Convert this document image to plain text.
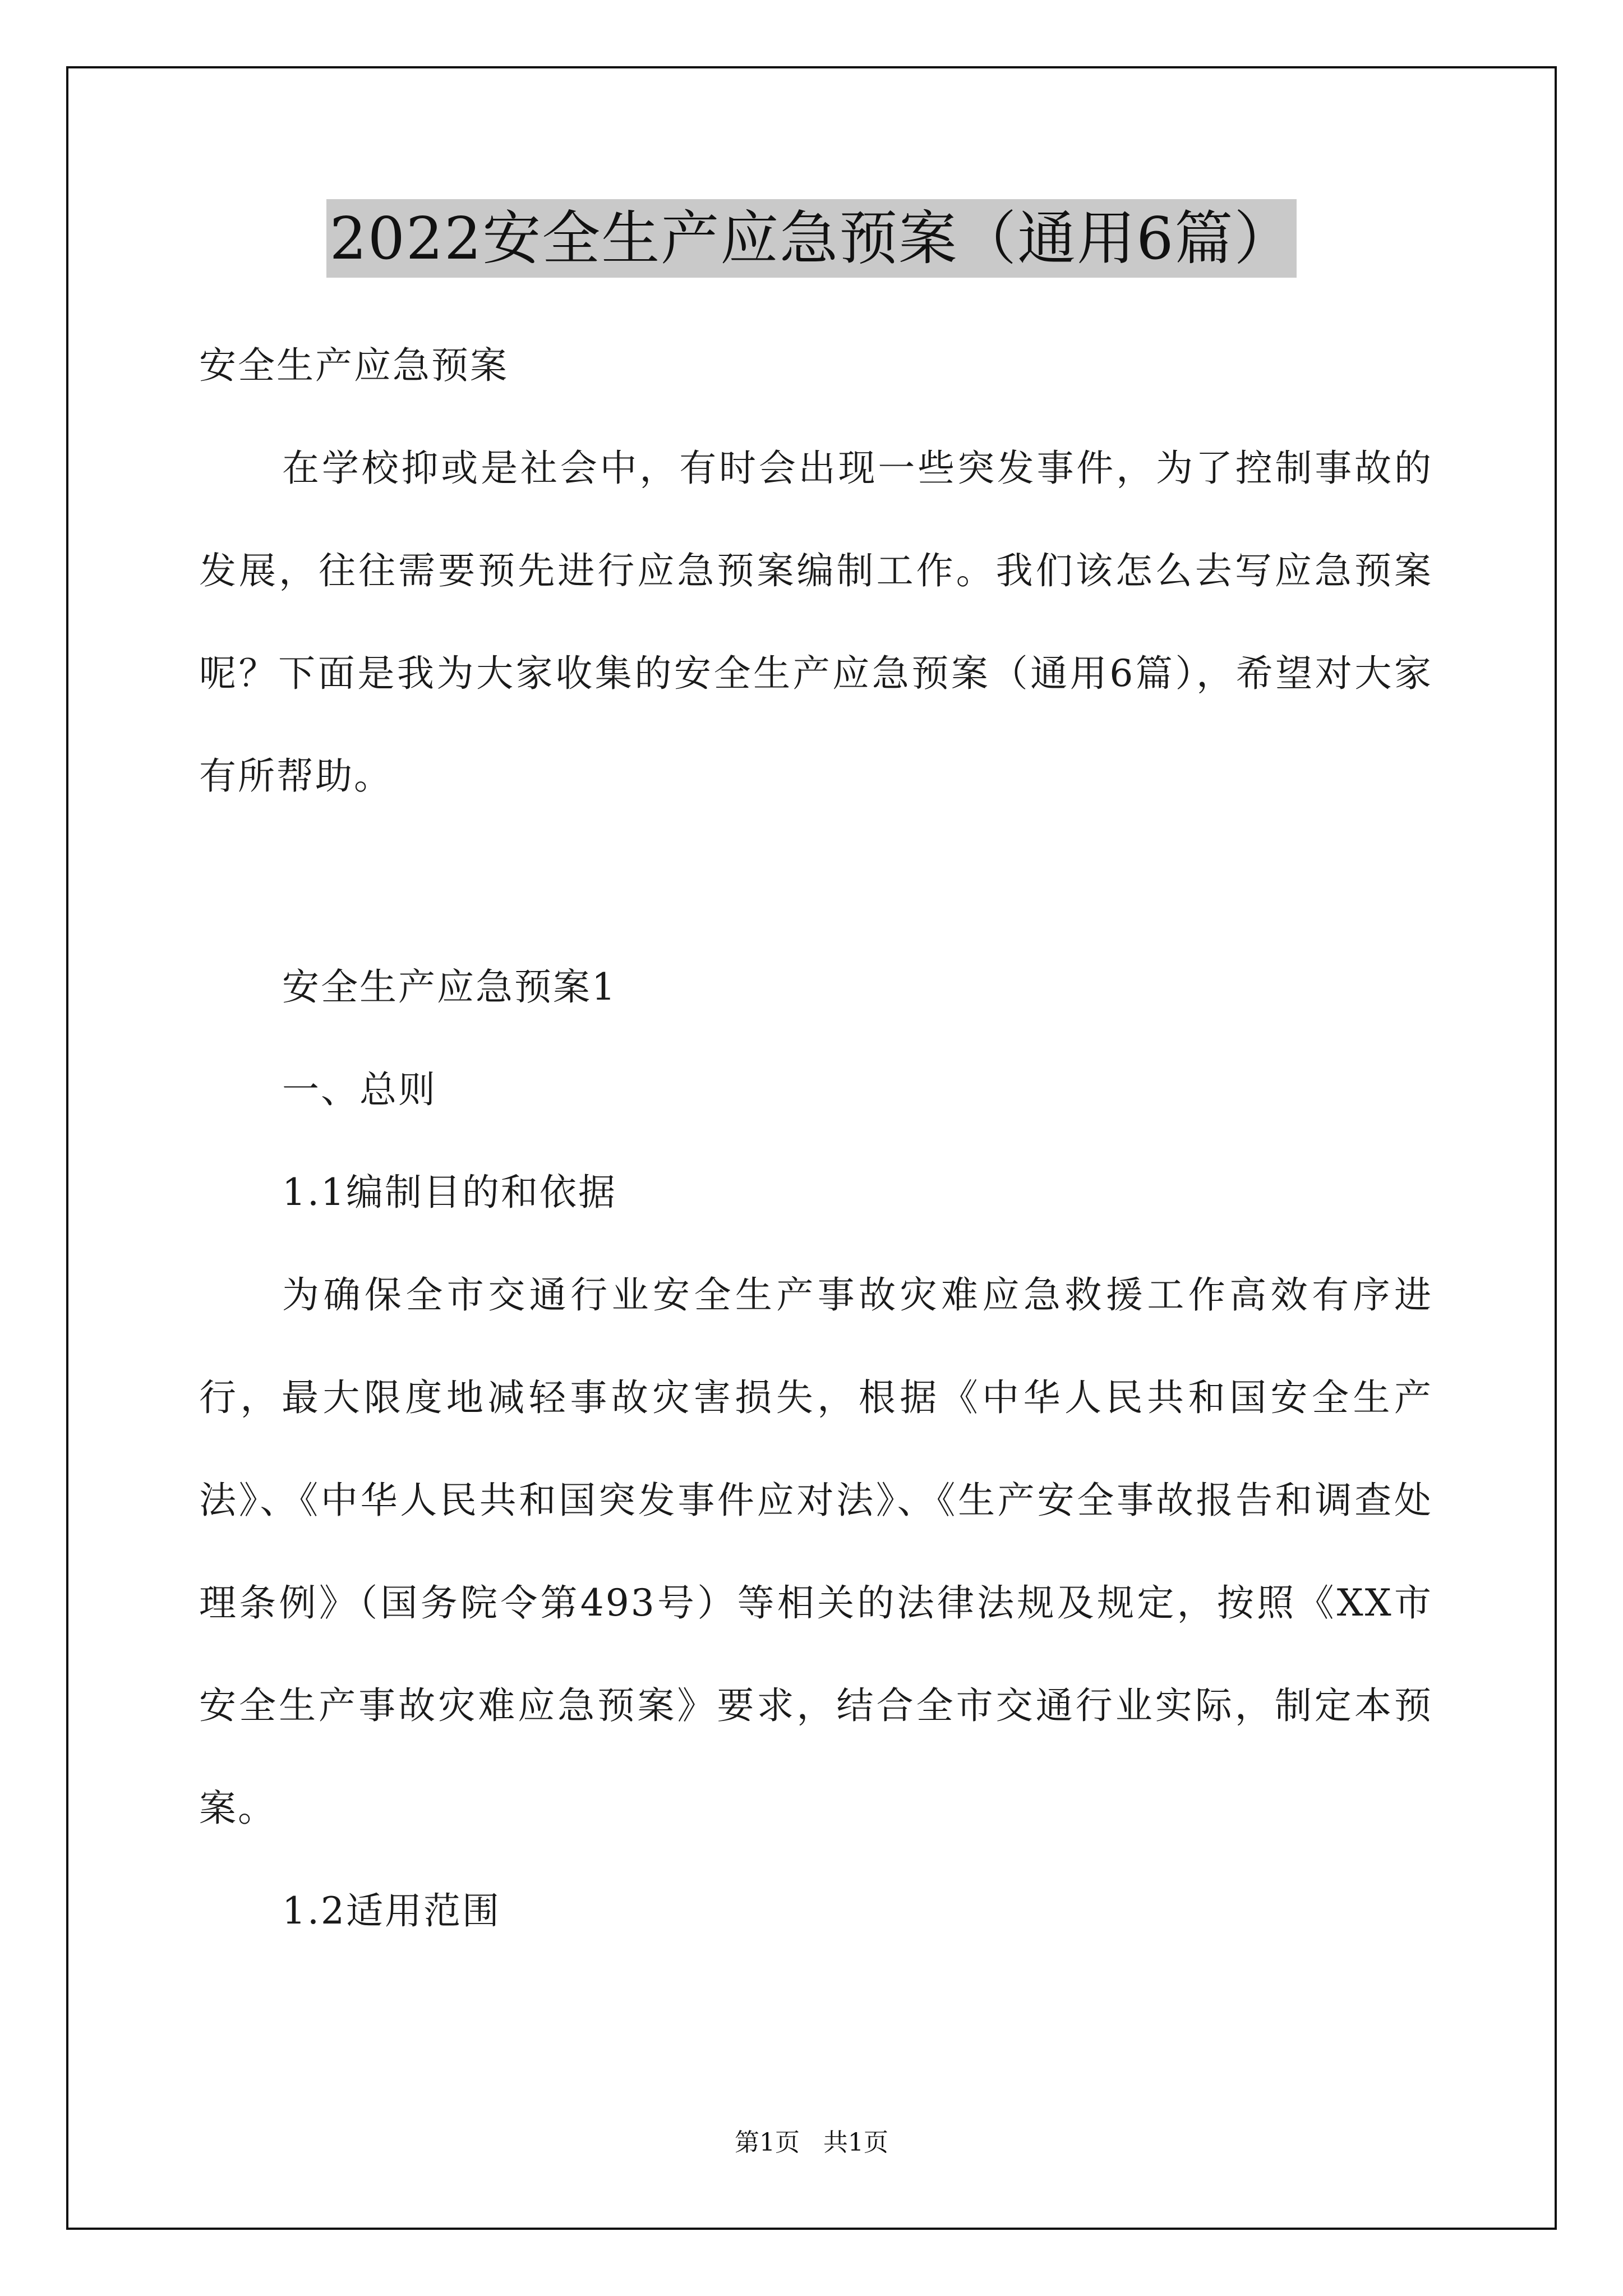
2022安全生产应急预案（通用6篇）

安全生产应急预案

在学校抑或是社会中，有时会出现一些突发事件，为了控制事故的发展，往往需要预先进行应急预案编制工作。我们该怎么去写应急预案呢？下面是我为大家收集的安全生产应急预案（通用6篇），希望对大家有所帮助。

安全生产应急预案1

一、总则

1.1编制目的和依据

为确保全市交通行业安全生产事故灾难应急救援工作高效有序进行，最大限度地减轻事故灾害损失，根据《中华人民共和国安全生产法》、《中华人民共和国突发事件应对法》、《生产安全事故报告和调查处理条例》（国务院令第493号）等相关的法律法规及规定，按照《XX市安全生产事故灾难应急预案》要求，结合全市交通行业实际，制定本预案。

1.2适用范围

第1页   共1页
